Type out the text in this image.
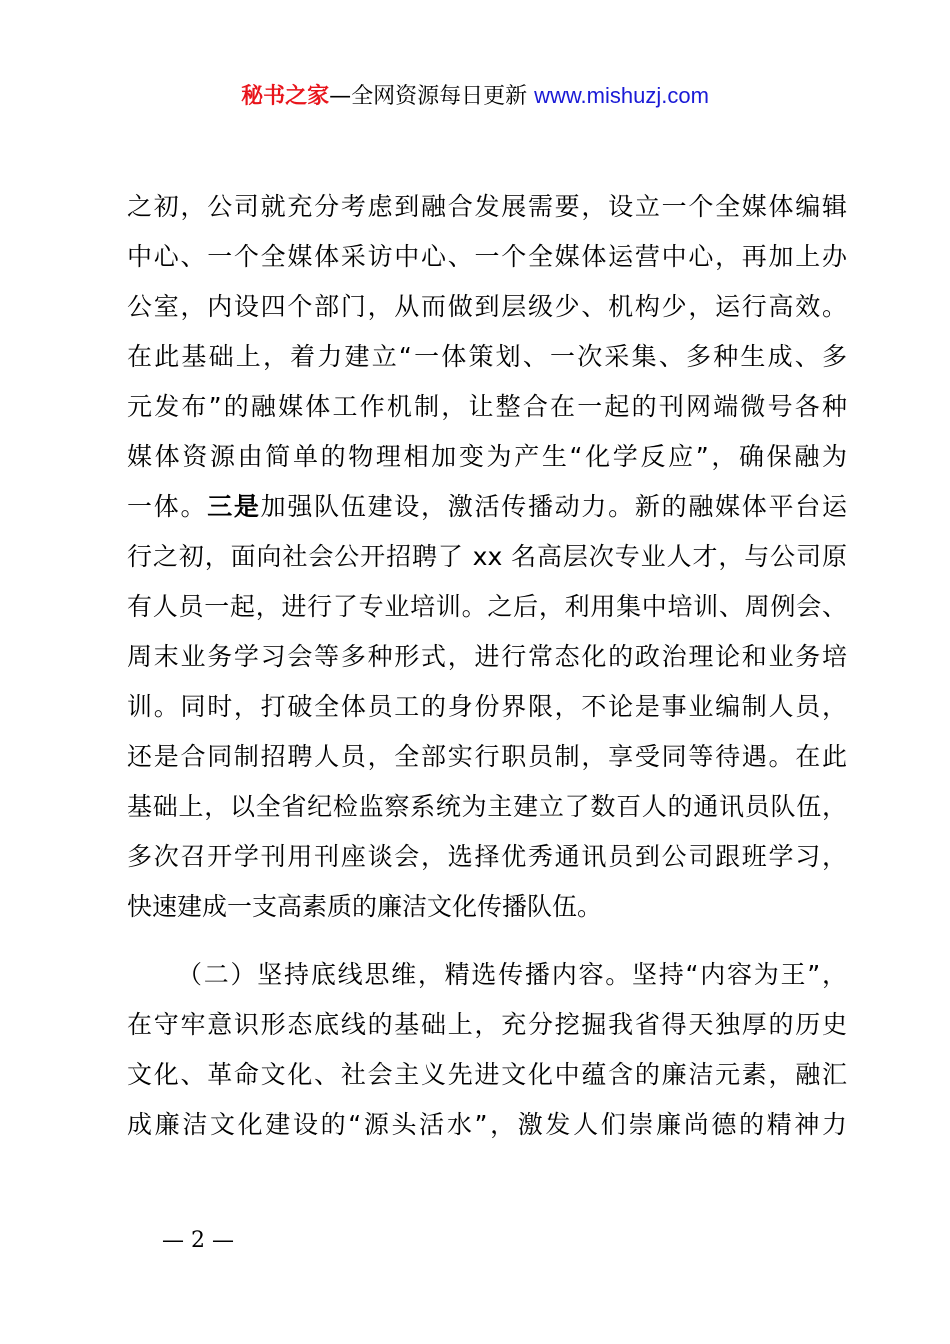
秘书之家—全网资源每日更新 www.mishuzj.com
之初，公司就充分考虑到融合发展需要，设立一个全媒体编辑
中心、一个全媒体采访中心、一个全媒体运营中心，再加上办
公室，内设四个部门，从而做到层级少、机构少，运行高效。
在此基础上，着力建立“一体策划、一次采集、多种生成、多
元发布”的融媒体工作机制，让整合在一起的刊网端微号各种
媒体资源由简单的物理相加变为产生“化学反应”，确保融为
一体。三是加强队伍建设，激活传播动力。新的融媒体平台运
行之初，面向社会公开招聘了 xx 名高层次专业人才，与公司原
有人员一起，进行了专业培训。之后，利用集中培训、周例会、
周末业务学习会等多种形式，进行常态化的政治理论和业务培
训。同时，打破全体员工的身份界限，不论是事业编制人员，
还是合同制招聘人员，全部实行职员制，享受同等待遇。在此
基础上，以全省纪检监察系统为主建立了数百人的通讯员队伍，
多次召开学刊用刊座谈会，选择优秀通讯员到公司跟班学习，
快速建成一支高素质的廉洁文化传播队伍。
（二）坚持底线思维，精选传播内容。坚持“内容为王”，
在守牢意识形态底线的基础上，充分挖掘我省得天独厚的历史
文化、革命文化、社会主义先进文化中蕴含的廉洁元素，融汇
成廉洁文化建设的“源头活水”，激发人们崇廉尚德的精神力
— 2 —
